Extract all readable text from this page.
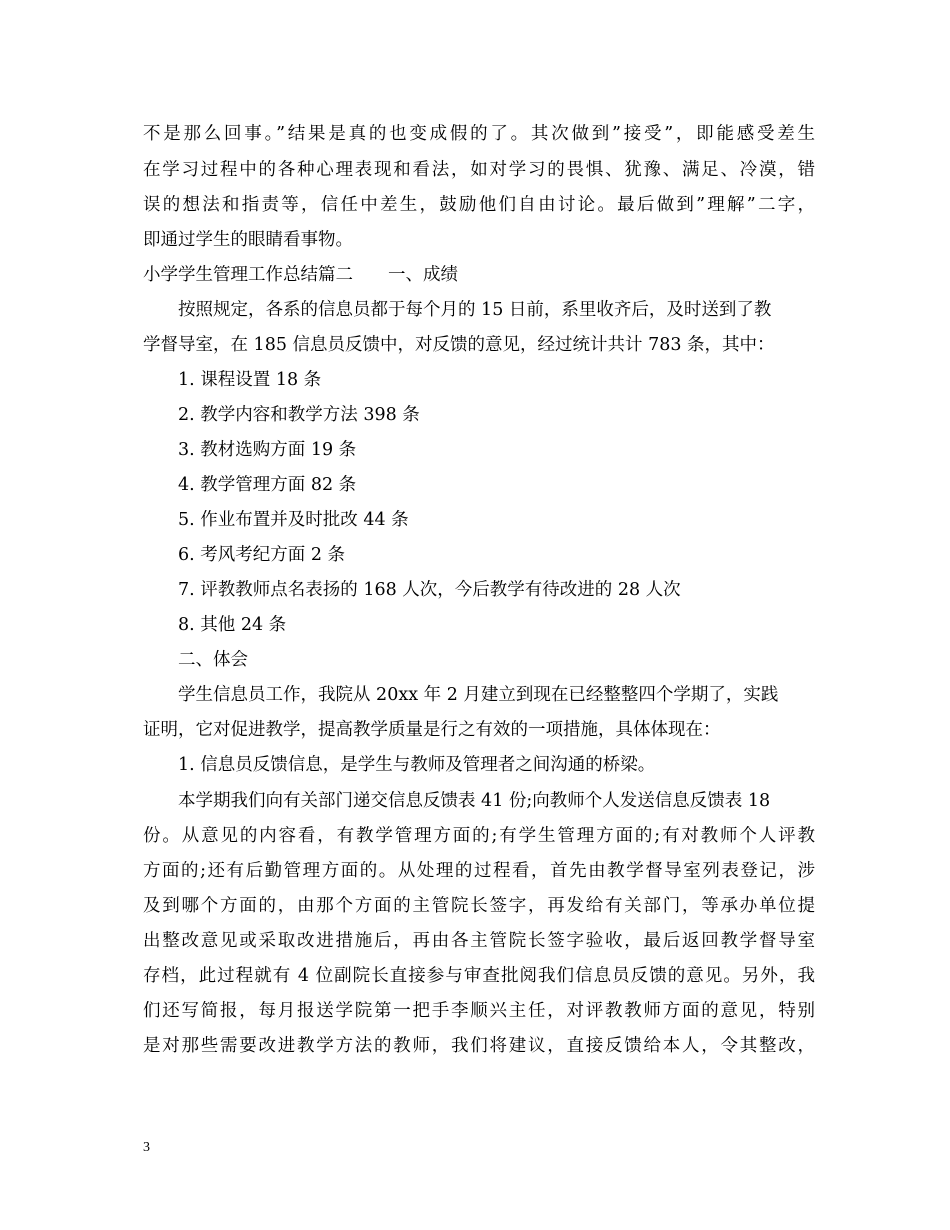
不是那么回事。”结果是真的也变成假的了。其次做到”接受”，即能感受差生
在学习过程中的各种心理表现和看法，如对学习的畏惧、犹豫、满足、冷漠，错
误的想法和指责等，信任中差生，鼓励他们自由讨论。最后做到”理解”二字，
即通过学生的眼睛看事物。
小学学生管理工作总结篇二　　一、成绩
按照规定，各系的信息员都于每个月的 15 日前，系里收齐后，及时送到了教
学督导室，在 185 信息员反馈中，对反馈的意见，经过统计共计 783 条，其中：
1. 课程设置 18 条
2. 教学内容和教学方法 398 条
3. 教材选购方面 19 条
4. 教学管理方面 82 条
5. 作业布置并及时批改 44 条
6. 考风考纪方面 2 条
7. 评教教师点名表扬的 168 人次，今后教学有待改进的 28 人次
8. 其他 24 条
二、体会
学生信息员工作，我院从 20xx 年 2 月建立到现在已经整整四个学期了，实践
证明，它对促进教学，提高教学质量是行之有效的一项措施，具体体现在：
1. 信息员反馈信息，是学生与教师及管理者之间沟通的桥梁。
本学期我们向有关部门递交信息反馈表 41 份;向教师个人发送信息反馈表 18
份。从意见的内容看，有教学管理方面的;有学生管理方面的;有对教师个人评教
方面的;还有后勤管理方面的。从处理的过程看，首先由教学督导室列表登记，涉
及到哪个方面的，由那个方面的主管院长签字，再发给有关部门，等承办单位提
出整改意见或采取改进措施后，再由各主管院长签字验收，最后返回教学督导室
存档，此过程就有 4 位副院长直接参与审查批阅我们信息员反馈的意见。另外，我
们还写简报，每月报送学院第一把手李顺兴主任，对评教教师方面的意见，特别
是对那些需要改进教学方法的教师，我们将建议，直接反馈给本人，令其整改，
3
